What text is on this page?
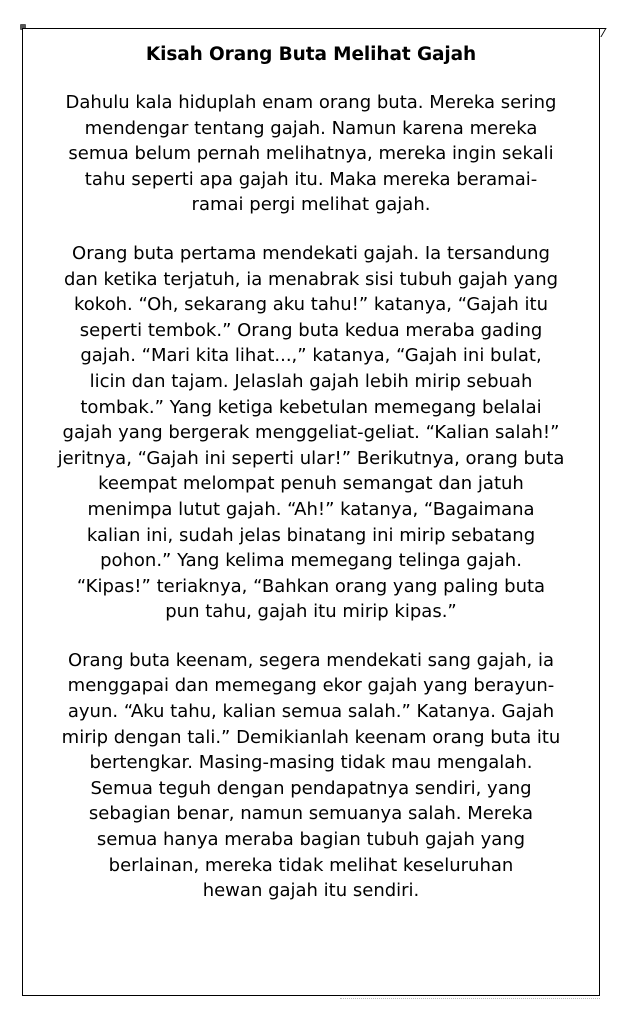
Kisah Orang Buta Melihat Gajah
Dahulu kala hiduplah enam orang buta. Mereka sering
mendengar tentang gajah. Namun karena mereka
semua belum pernah melihatnya, mereka ingin sekali
tahu seperti apa gajah itu. Maka mereka beramai-
ramai pergi melihat gajah.
Orang buta pertama mendekati gajah. Ia tersandung
dan ketika terjatuh, ia menabrak sisi tubuh gajah yang
kokoh. “Oh, sekarang aku tahu!” katanya, “Gajah itu
seperti tembok.” Orang buta kedua meraba gading
gajah. “Mari kita lihat...,” katanya, “Gajah ini bulat,
licin dan tajam. Jelaslah gajah lebih mirip sebuah
tombak.” Yang ketiga kebetulan memegang belalai
gajah yang bergerak menggeliat-geliat. “Kalian salah!”
jeritnya, “Gajah ini seperti ular!” Berikutnya, orang buta
keempat melompat penuh semangat dan jatuh
menimpa lutut gajah. “Ah!” katanya, “Bagaimana
kalian ini, sudah jelas binatang ini mirip sebatang
pohon.” Yang kelima memegang telinga gajah.
“Kipas!” teriaknya, “Bahkan orang yang paling buta
pun tahu, gajah itu mirip kipas.”
Orang buta keenam, segera mendekati sang gajah, ia
menggapai dan memegang ekor gajah yang berayun-
ayun. “Aku tahu, kalian semua salah.” Katanya. Gajah
mirip dengan tali.” Demikianlah keenam orang buta itu
bertengkar. Masing-masing tidak mau mengalah.
Semua teguh dengan pendapatnya sendiri, yang
sebagian benar, namun semuanya salah. Mereka
semua hanya meraba bagian tubuh gajah yang
berlainan, mereka tidak melihat keseluruhan
hewan gajah itu sendiri.
